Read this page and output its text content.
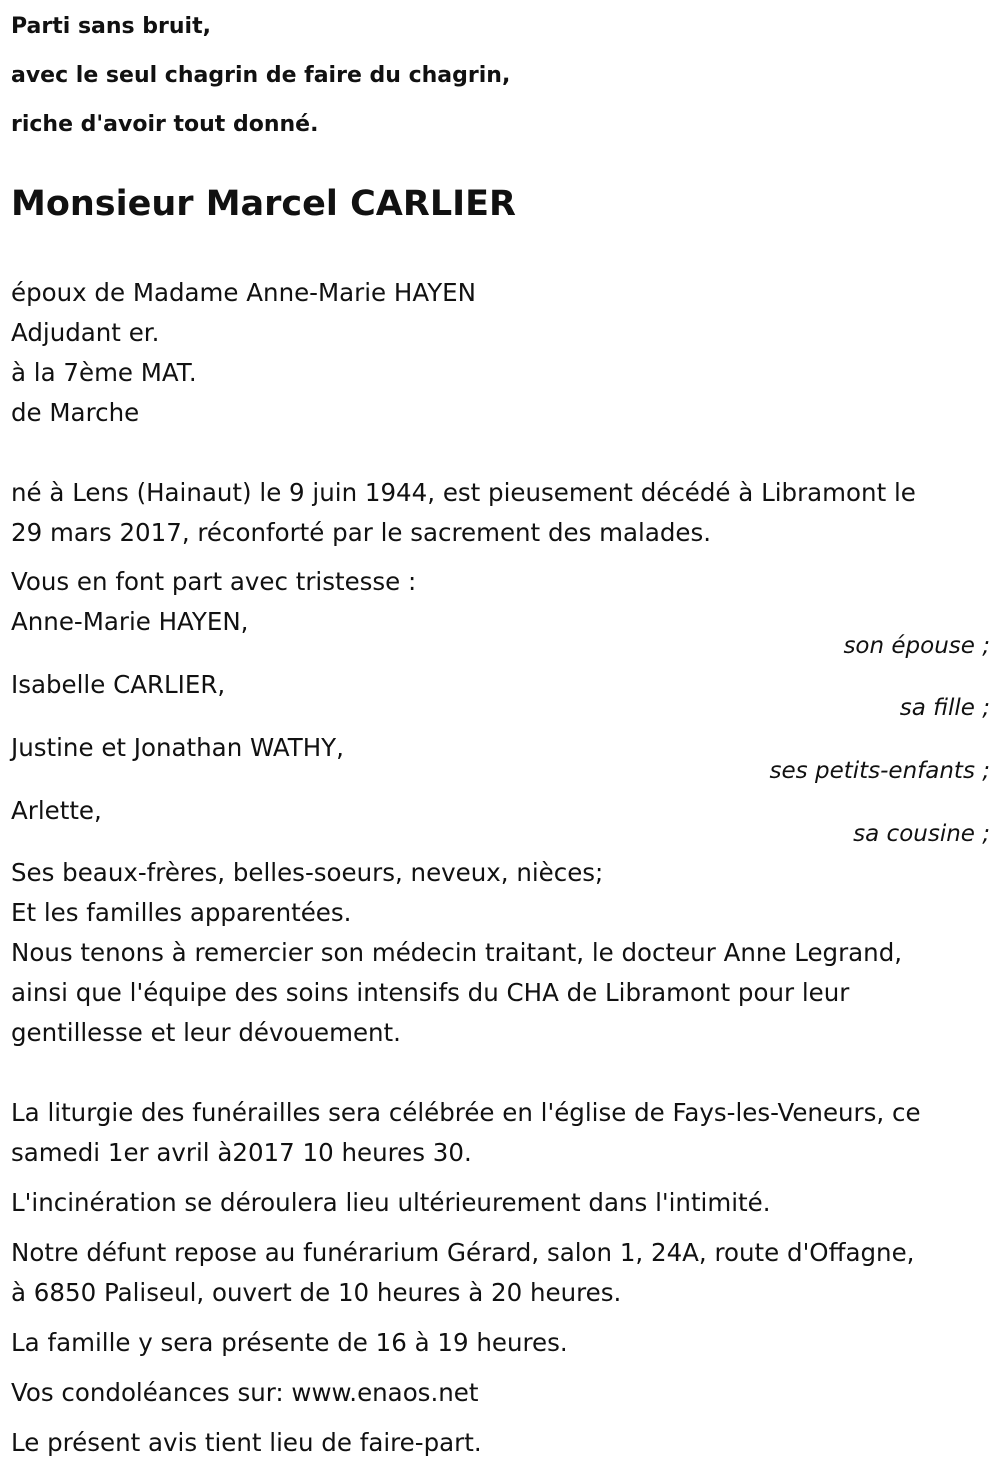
Parti sans bruit,
avec le seul chagrin de faire du chagrin,
riche d'avoir tout donné.
Monsieur Marcel CARLIER
époux de Madame Anne-Marie HAYEN
Adjudant er.
à la 7ème MAT.
de Marche
né à Lens (Hainaut) le 9 juin 1944, est pieusement décédé à Libramont le
29 mars 2017, réconforté par le sacrement des malades.
Vous en font part avec tristesse :
Anne-Marie HAYEN,
son épouse ;
Isabelle CARLIER,
sa fille ;
Justine et Jonathan WATHY,
ses petits-enfants ;
Arlette,
sa cousine ;
Ses beaux-frères, belles-soeurs, neveux, nièces;
Et les familles apparentées.
Nous tenons à remercier son médecin traitant, le docteur Anne Legrand,
ainsi que l'équipe des soins intensifs du CHA de Libramont pour leur
gentillesse et leur dévouement.
La liturgie des funérailles sera célébrée en l'église de Fays-les-Veneurs, ce
samedi 1er avril à2017 10 heures 30.
L'incinération se déroulera lieu ultérieurement dans l'intimité.
Notre défunt repose au funérarium Gérard, salon 1, 24A, route d'Offagne,
à 6850 Paliseul, ouvert de 10 heures à 20 heures.
La famille y sera présente de 16 à 19 heures.
Vos condoléances sur: www.enaos.net
Le présent avis tient lieu de faire-part.
